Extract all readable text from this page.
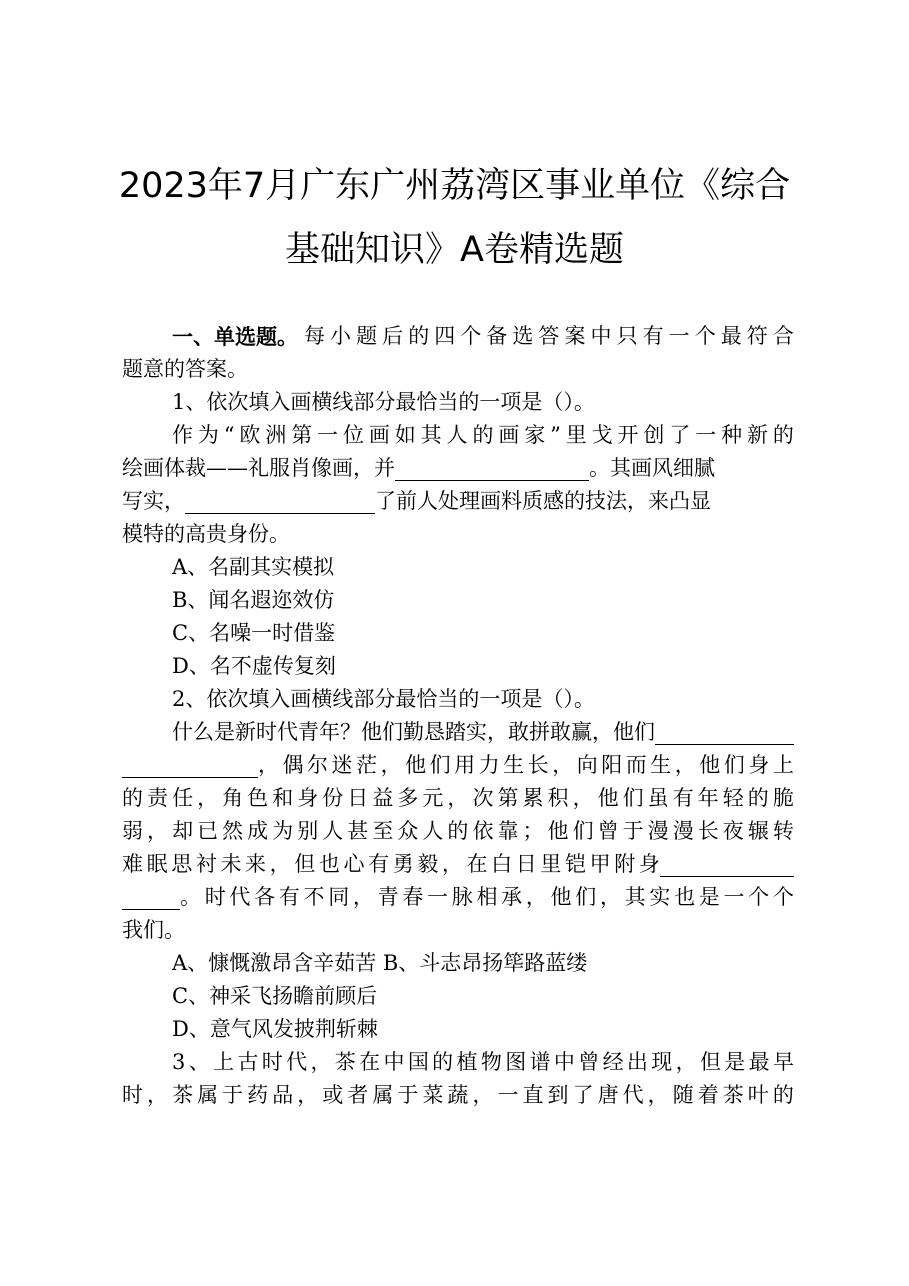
2023年7月广东广州荔湾区事业单位《综合
基础知识》A卷精选题
一、单选题。 每 小 题 后 的 四 个 备 选 答 案 中 只 有 一 个 最 符 合
题意的答案。
1、依次填入画横线部分最恰当的一项是（）。
作 为 “ 欧 洲 第 一 位 画 如 其 人 的 画 家 ” 里 戈 开 创 了 一 种 新 的
绘画体裁——礼服肖像画，并	。其画风细腻
写实，	了前人处理画料质感的技法，来凸显
模特的高贵身份。
A、名副其实模拟
B、闻名遐迩效仿
C、名噪一时借鉴
D、名不虚传复刻
2、依次填入画横线部分最恰当的一项是（）。
什么是新时代青年？他们勤恳踏实，敢拼敢赢，他们
， 偶 尔 迷 茫 ， 他 们 用 力 生 长 ， 向 阳 而 生 ， 他 们 身 上
的 责 任 ， 角 色 和 身 份 日 益 多 元 ， 次 第 累 积 ， 他 们 虽 有 年 轻 的 脆
弱 ， 却 已 然 成 为 别 人 甚 至 众 人 的 依 靠 ； 他 们 曾 于 漫 漫 长 夜 辗 转
难 眠 思 衬 未 来 ， 但 也 心 有 勇 毅 ， 在 白 日 里 铠 甲 附 身
。 时 代 各 有 不 同 ， 青 春 一 脉 相 承 ， 他 们 ， 其 实 也 是 一 个 个
我们。
A、慷慨激昂含辛茹苦 B、斗志昂扬筚路蓝缕
C、神采飞扬瞻前顾后
D、意气风发披荆斩棘
3 、 上 古 时 代 ， 茶 在 中 国 的 植 物 图 谱 中 曾 经 出 现 ， 但 是 最 早
时 ， 茶 属 于 药 品 ， 或 者 属 于 菜 蔬 ， 一 直 到 了 唐 代 ， 随 着 茶 叶 的
